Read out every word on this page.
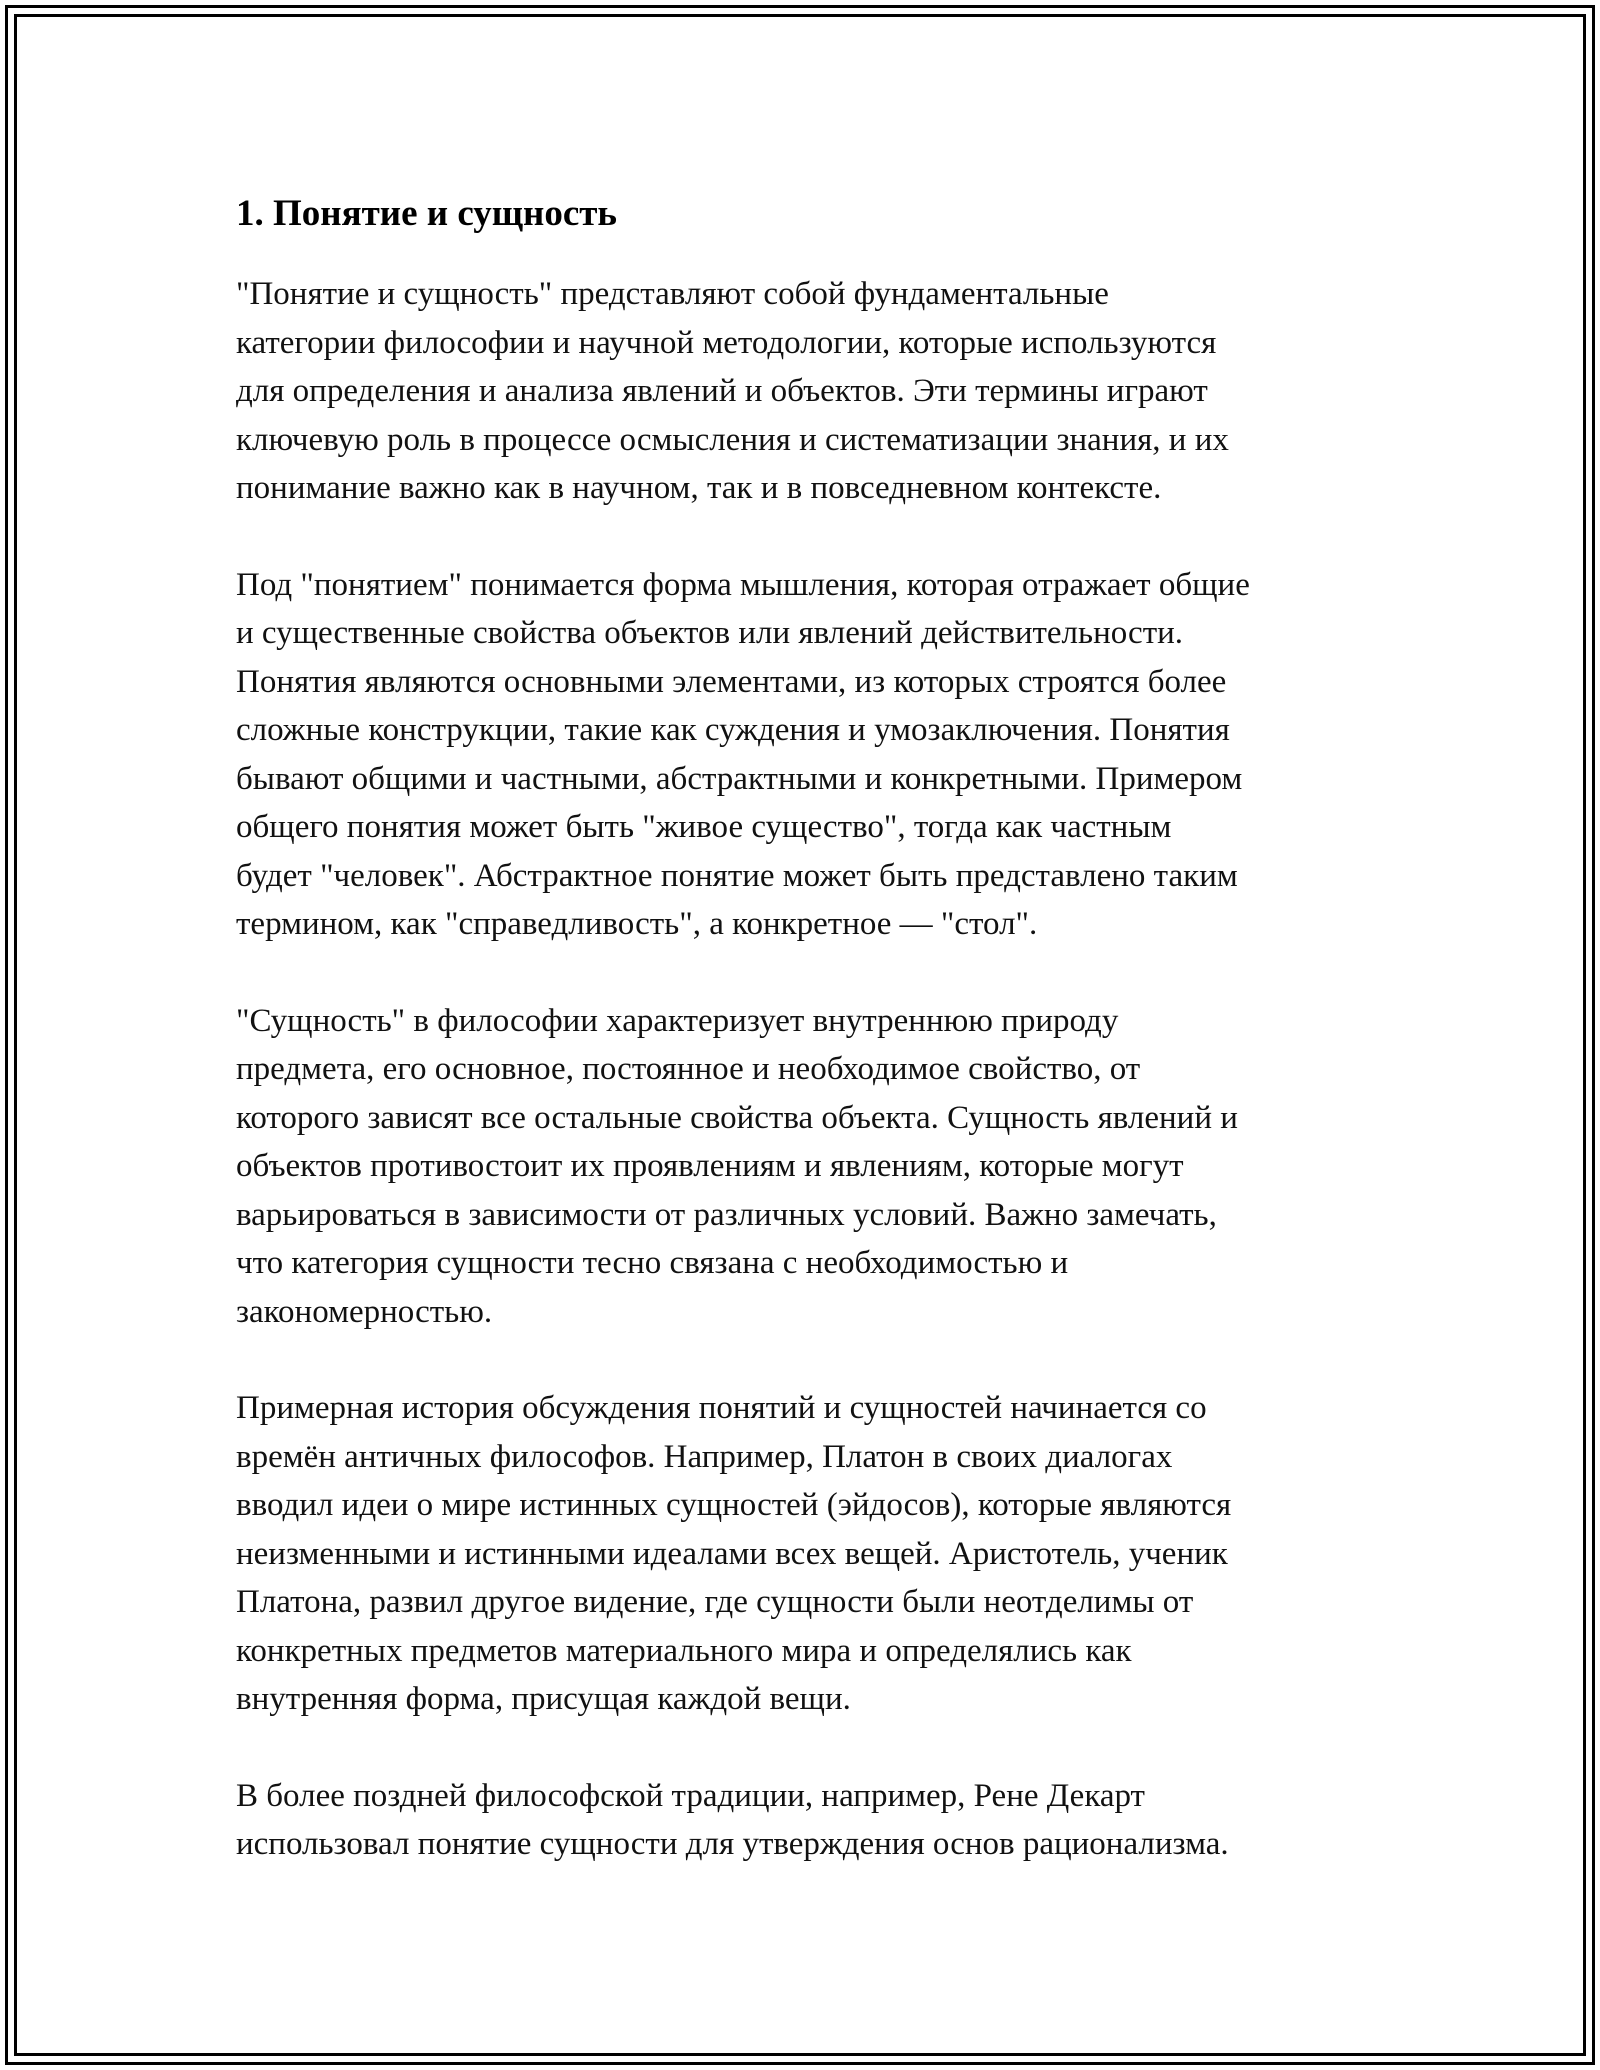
1. Понятие и сущность

"Понятие и сущность" представляют собой фундаментальные
категории философии и научной методологии, которые используются
для определения и анализа явлений и объектов. Эти термины играют
ключевую роль в процессе осмысления и систематизации знания, и их
понимание важно как в научном, так и в повседневном контексте.

Под "понятием" понимается форма мышления, которая отражает общие
и существенные свойства объектов или явлений действительности.
Понятия являются основными элементами, из которых строятся более
сложные конструкции, такие как суждения и умозаключения. Понятия
бывают общими и частными, абстрактными и конкретными. Примером
общего понятия может быть "живое существо", тогда как частным
будет "человек". Абстрактное понятие может быть представлено таким
термином, как "справедливость", а конкретное — "стол".

"Сущность" в философии характеризует внутреннюю природу
предмета, его основное, постоянное и необходимое свойство, от
которого зависят все остальные свойства объекта. Сущность явлений и
объектов противостоит их проявлениям и явлениям, которые могут
варьироваться в зависимости от различных условий. Важно замечать,
что категория сущности тесно связана с необходимостью и
закономерностью.

Примерная история обсуждения понятий и сущностей начинается со
времён античных философов. Например, Платон в своих диалогах
вводил идеи о мире истинных сущностей (эйдосов), которые являются
неизменными и истинными идеалами всех вещей. Аристотель, ученик
Платона, развил другое видение, где сущности были неотделимы от
конкретных предметов материального мира и определялись как
внутренняя форма, присущая каждой вещи.

В более поздней философской традиции, например, Рене Декарт
использовал понятие сущности для утверждения основ рационализма.
